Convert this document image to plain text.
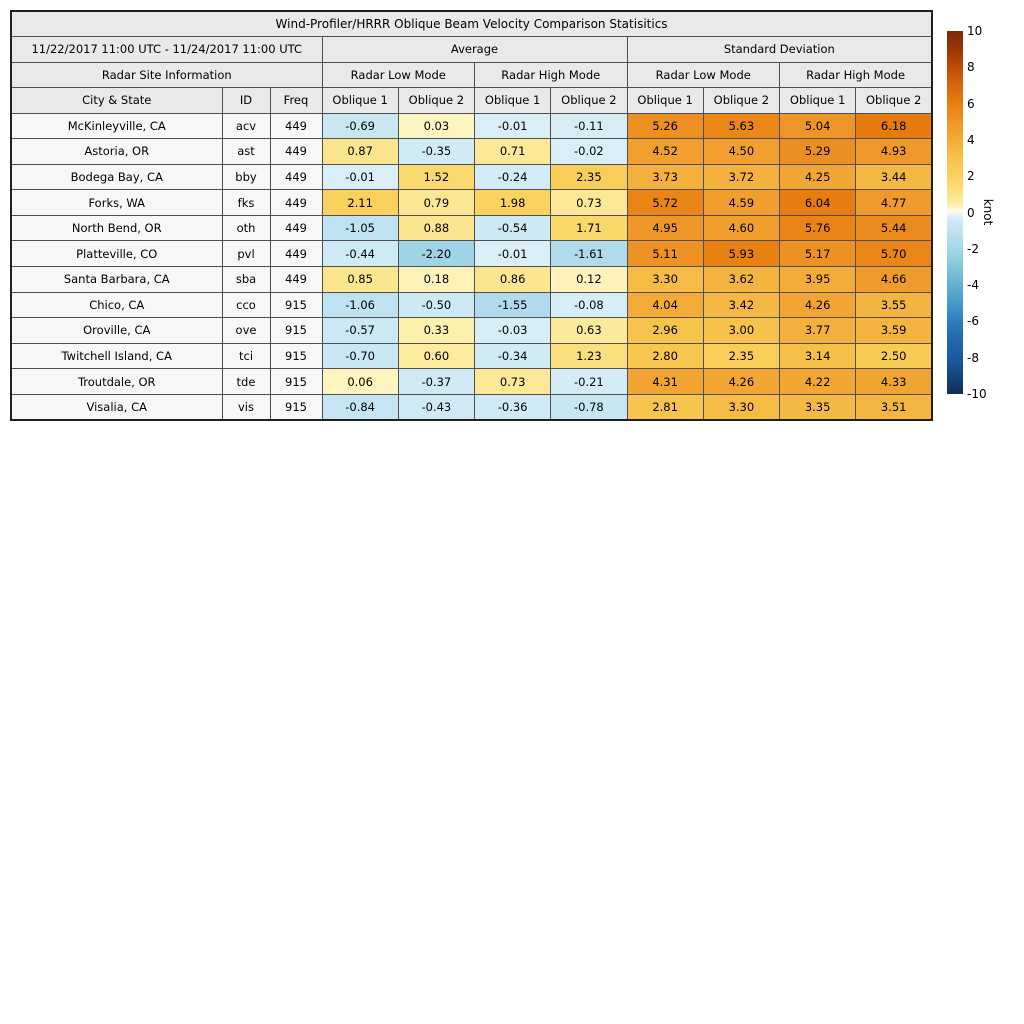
Wind-Profiler/HRRR Oblique Beam Velocity Comparison Statisitics										
11/22/2017 11:00 UTC - 11/24/2017 11:00 UTC			Average				Standard Deviation			
Radar Site Information			Radar Low Mode		Radar High Mode		Radar Low Mode		Radar High Mode	
City & State	ID	Freq	Oblique 1	Oblique 2	Oblique 1	Oblique 2	Oblique 1	Oblique 2	Oblique 1	Oblique 2
McKinleyville, CA	acv	449	-0.69	0.03	-0.01	-0.11	5.26	5.63	5.04	6.18
Astoria, OR	ast	449	0.87	-0.35	0.71	-0.02	4.52	4.50	5.29	4.93
Bodega Bay, CA	bby	449	-0.01	1.52	-0.24	2.35	3.73	3.72	4.25	3.44
Forks, WA	fks	449	2.11	0.79	1.98	0.73	5.72	4.59	6.04	4.77
North Bend, OR	oth	449	-1.05	0.88	-0.54	1.71	4.95	4.60	5.76	5.44
Platteville, CO	pvl	449	-0.44	-2.20	-0.01	-1.61	5.11	5.93	5.17	5.70
Santa Barbara, CA	sba	449	0.85	0.18	0.86	0.12	3.30	3.62	3.95	4.66
Chico, CA	cco	915	-1.06	-0.50	-1.55	-0.08	4.04	3.42	4.26	3.55
Oroville, CA	ove	915	-0.57	0.33	-0.03	0.63	2.96	3.00	3.77	3.59
Twitchell Island, CA	tci	915	-0.70	0.60	-0.34	1.23	2.80	2.35	3.14	2.50
Troutdale, OR	tde	915	0.06	-0.37	0.73	-0.21	4.31	4.26	4.22	4.33
Visalia, CA	vis	915	-0.84	-0.43	-0.36	-0.78	2.81	3.30	3.35	3.51
10
8
6
4
2
0
-2
-4
-6
-8
-10
knot
